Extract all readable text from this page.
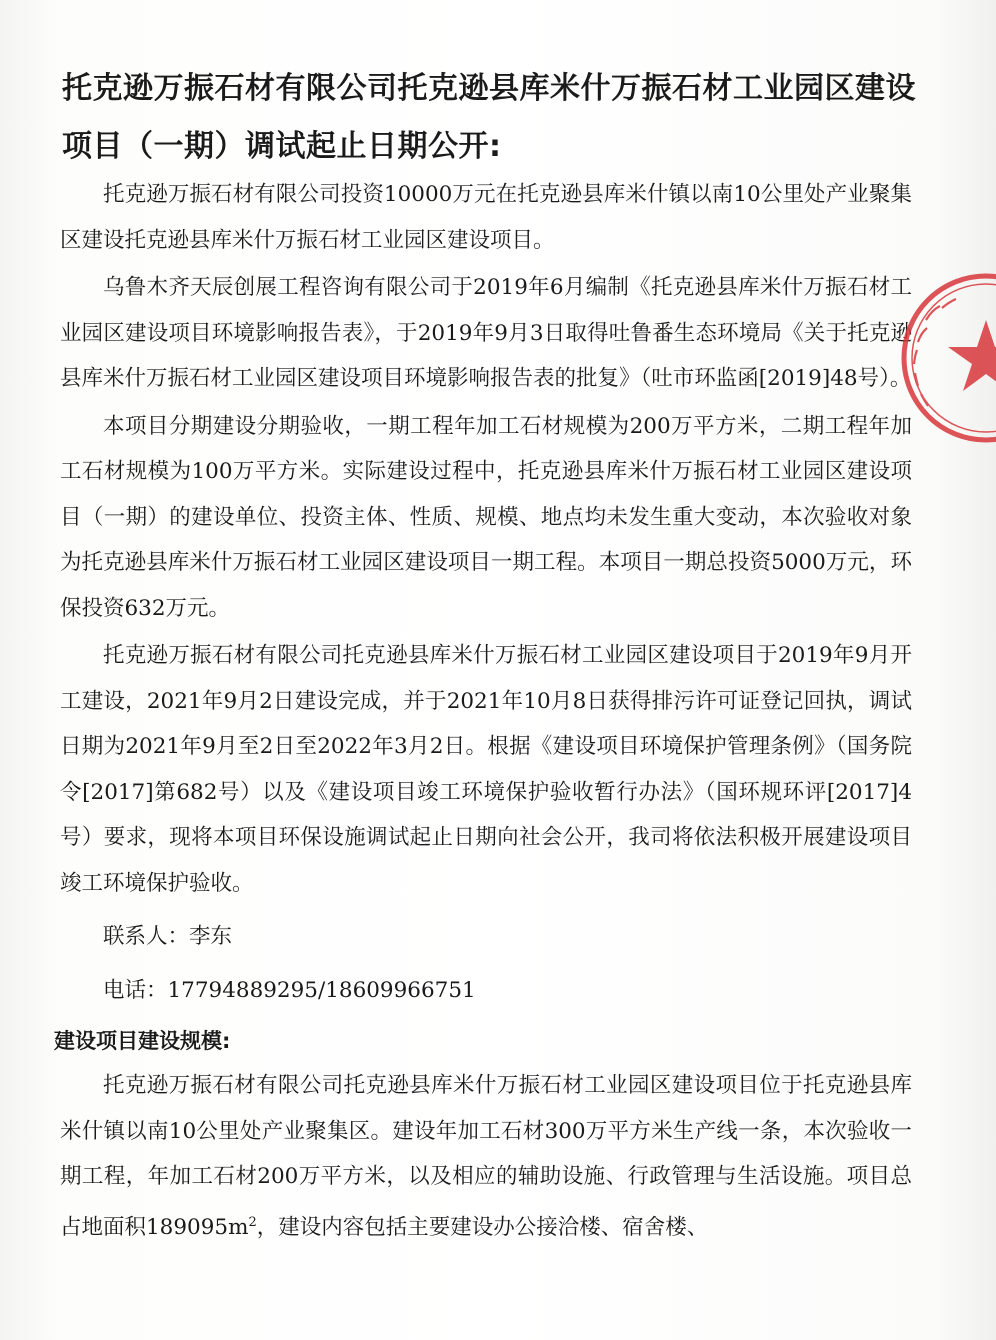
托克逊万振石材有限公司托克逊县库米什万振石材工业园区建设项目（一期）调试起止日期公开:

托克逊万振石材有限公司投资10000万元在托克逊县库米什镇以南10公里处产业聚集区建设托克逊县库米什万振石材工业园区建设项目。

乌鲁木齐天辰创展工程咨询有限公司于2019年6月编制《托克逊县库米什万振石材工业园区建设项目环境影响报告表》，于2019年9月3日取得吐鲁番生态环境局《关于托克逊县库米什万振石材工业园区建设项目环境影响报告表的批复》（吐市环监函[2019]48号）。

本项目分期建设分期验收，一期工程年加工石材规模为200万平方米，二期工程年加工石材规模为100万平方米。实际建设过程中，托克逊县库米什万振石材工业园区建设项目（一期）的建设单位、投资主体、性质、规模、地点均未发生重大变动，本次验收对象为托克逊县库米什万振石材工业园区建设项目一期工程。本项目一期总投资5000万元，环保投资632万元。

托克逊万振石材有限公司托克逊县库米什万振石材工业园区建设项目于2019年9月开工建设，2021年9月2日建设完成，并于2021年10月8日获得排污许可证登记回执，调试日期为2021年9月至2日至2022年3月2日。根据《建设项目环境保护管理条例》（国务院令[2017]第682号）以及《建设项目竣工环境保护验收暂行办法》（国环规环评[2017]4号）要求，现将本项目环保设施调试起止日期向社会公开，我司将依法积极开展建设项目竣工环境保护验收。

联系人：李东

电话：17794889295/18609966751

建设项目建设规模:

托克逊万振石材有限公司托克逊县库米什万振石材工业园区建设项目位于托克逊县库米什镇以南10公里处产业聚集区。建设年加工石材300万平方米生产线一条，本次验收一期工程，年加工石材200万平方米，以及相应的辅助设施、行政管理与生活设施。项目总占地面积$189095m^2$，建设内容包括主要建设办公接洽楼、宿舍楼、
